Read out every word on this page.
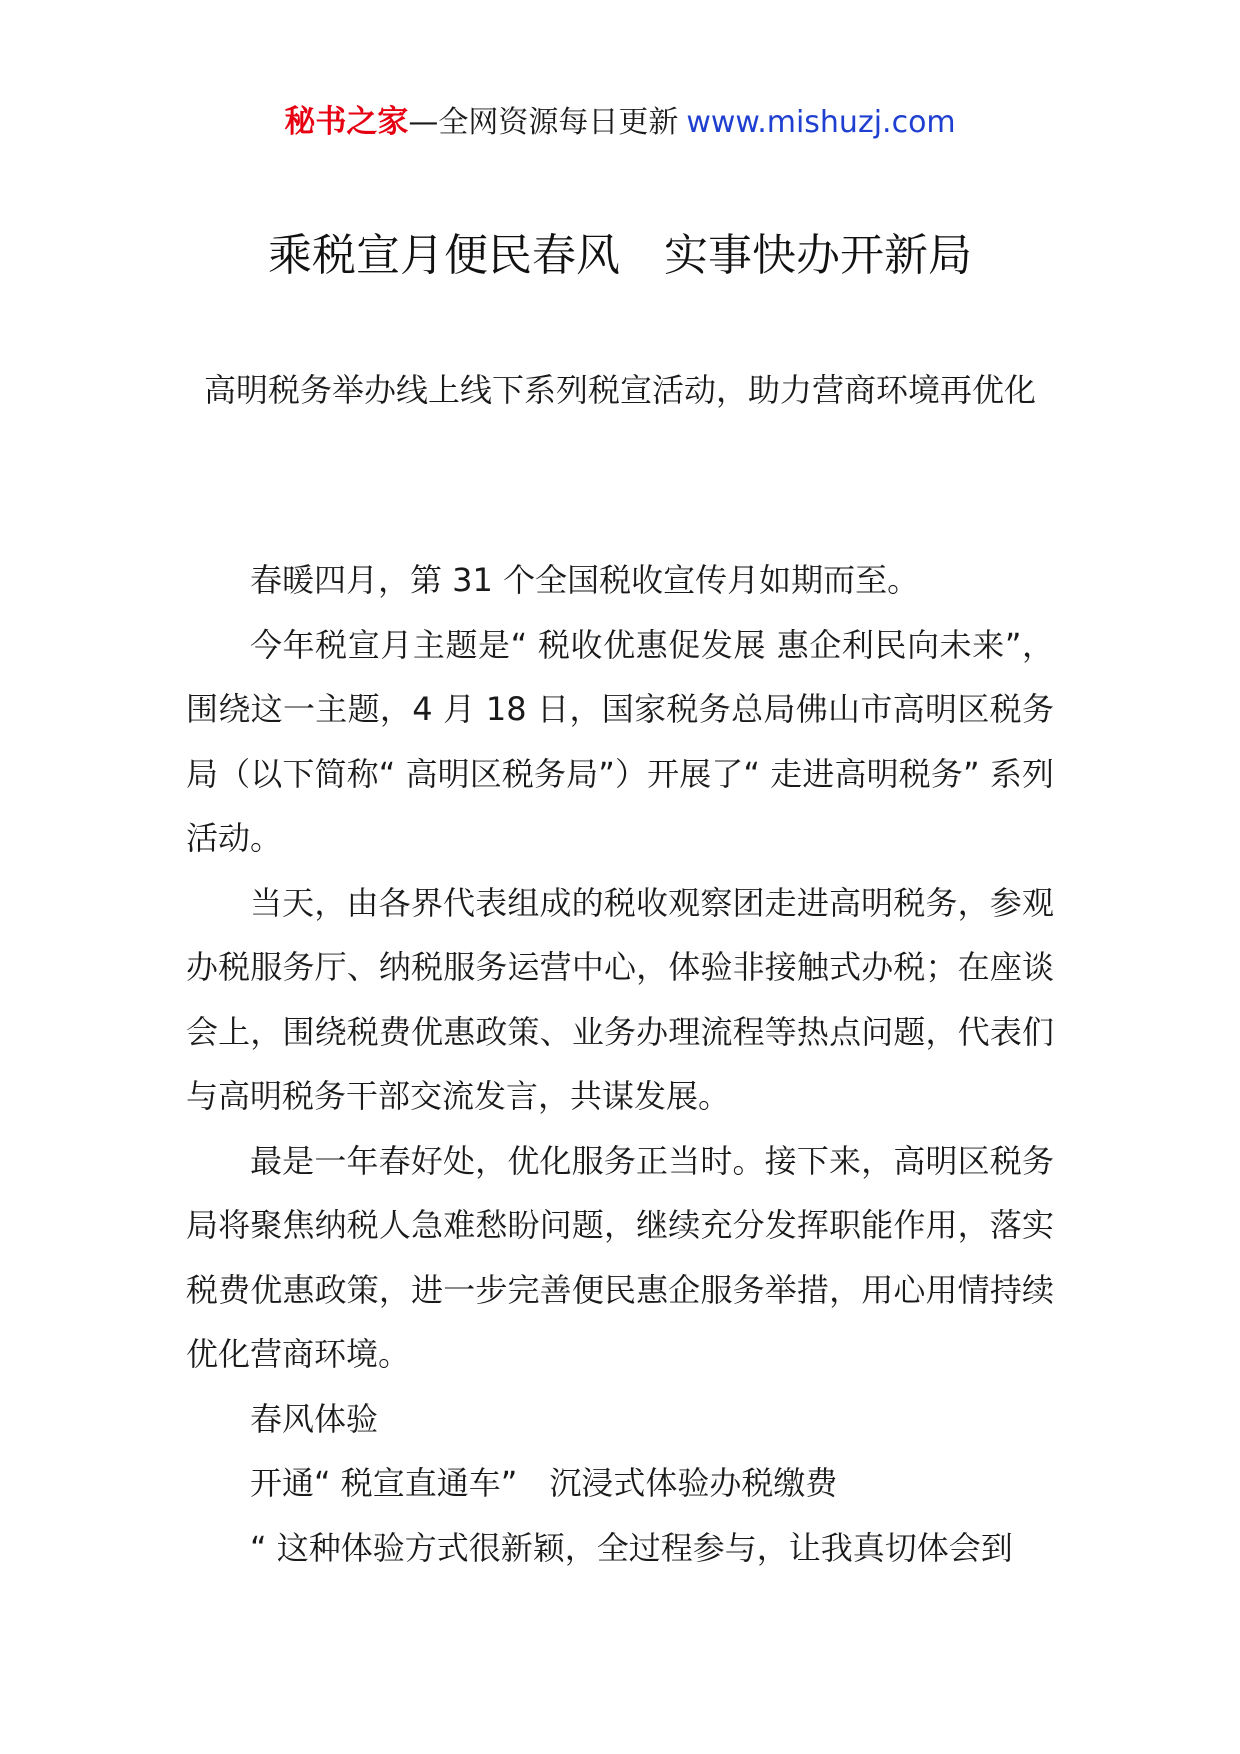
秘书之家—全网资源每日更新 www.mishuzj.com
乘税宣月便民春风　实事快办开新局
高明税务举办线上线下系列税宣活动，助力营商环境再优化

春暖四月，第 31 个全国税收宣传月如期而至。

今年税宣月主题是“ 税收优惠促发展 惠企利民向未来”，围绕这一主题，4 月 18 日，国家税务总局佛山市高明区税务局（以下简称“ 高明区税务局”）开展了“ 走进高明税务” 系列活动。

当天，由各界代表组成的税收观察团走进高明税务，参观办税服务厅、纳税服务运营中心，体验非接触式办税；在座谈会上，围绕税费优惠政策、业务办理流程等热点问题，代表们与高明税务干部交流发言，共谋发展。

最是一年春好处，优化服务正当时。接下来，高明区税务局将聚焦纳税人急难愁盼问题，继续充分发挥职能作用，落实税费优惠政策，进一步完善便民惠企服务举措，用心用情持续优化营商环境。

春风体验

开通“ 税宣直通车”　沉浸式体验办税缴费

“ 这种体验方式很新颖，全过程参与，让我真切体会到
